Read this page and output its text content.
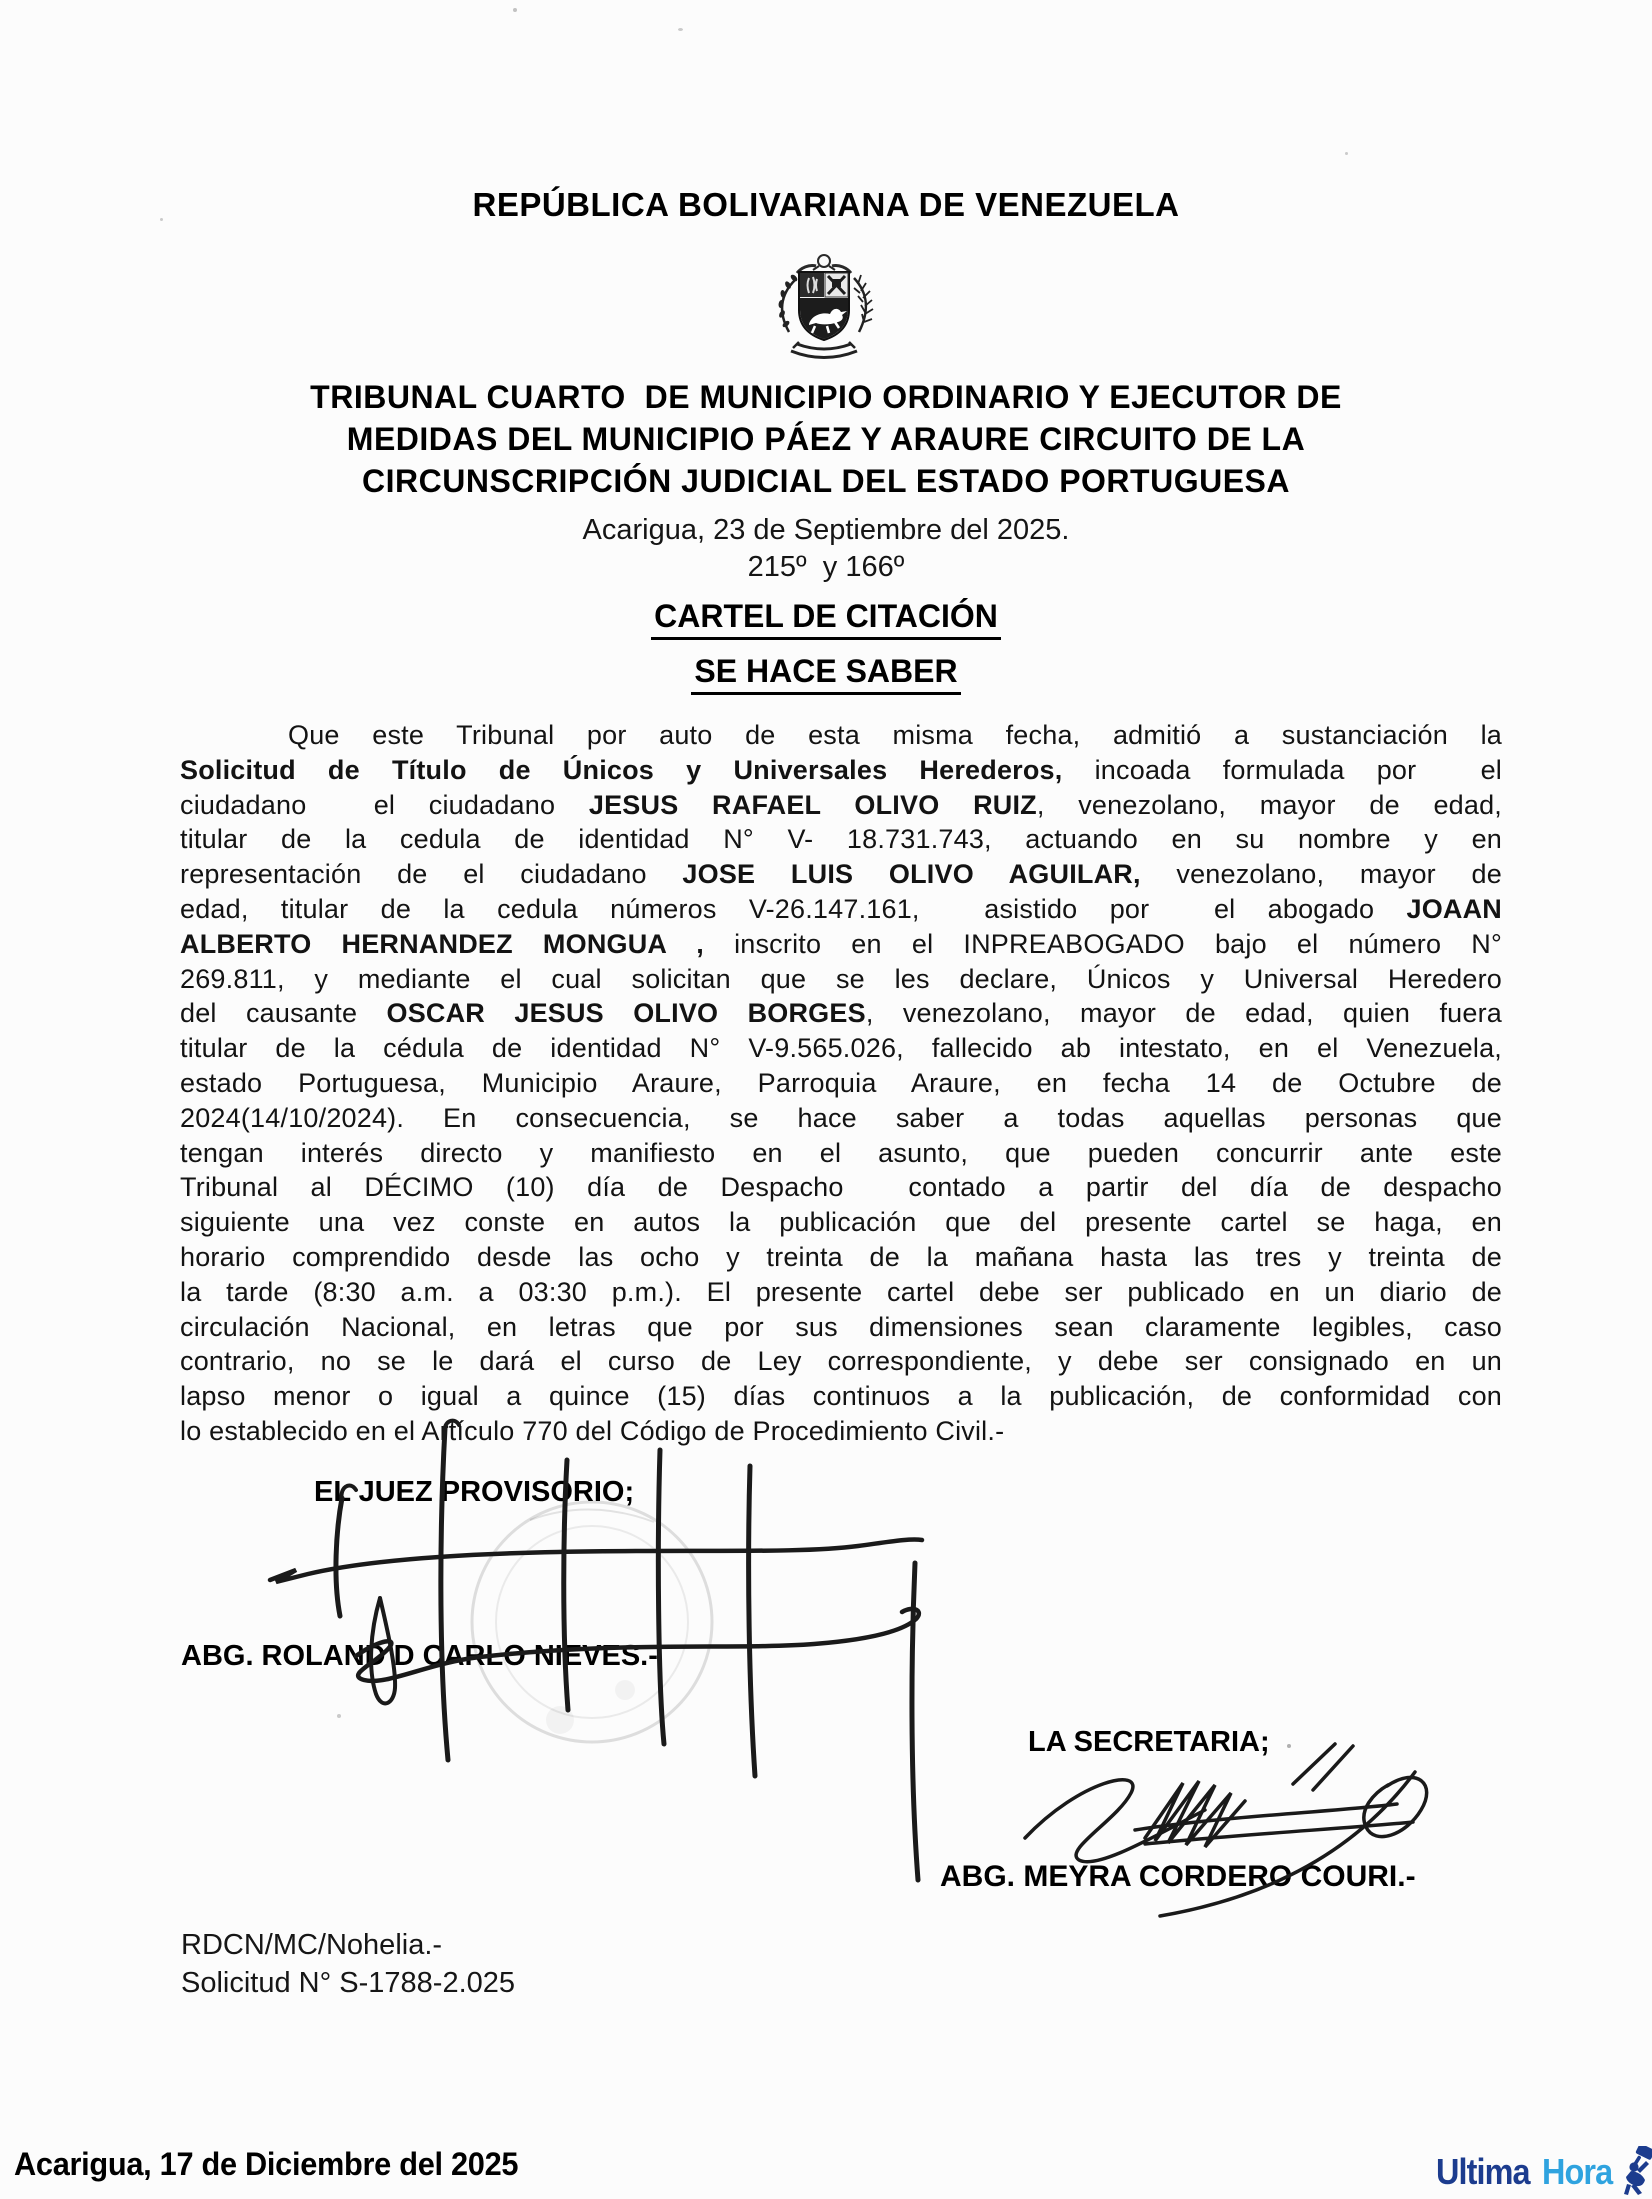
REPÚBLICA BOLIVARIANA DE VENEZUELA
TRIBUNAL CUARTO  DE MUNICIPIO ORDINARIO Y EJECUTOR DE
MEDIDAS DEL MUNICIPIO PÁEZ Y ARAURE CIRCUITO DE LA
CIRCUNSCRIPCIÓN JUDICIAL DEL ESTADO PORTUGUESA
Acarigua, 23 de Septiembre del 2025.
215º  y 166º
CARTEL DE CITACIÓN
SE HACE SABER
Que este Tribunal por auto de esta misma fecha, admitió a sustanciación la
Solicitud de Título de Únicos y Universales Herederos, incoada formulada por  el
ciudadano  el ciudadano JESUS RAFAEL OLIVO RUIZ, venezolano, mayor de edad,
titular de la cedula de identidad N° V- 18.731.743, actuando en su nombre y en
representación de el ciudadano JOSE LUIS OLIVO AGUILAR, venezolano, mayor de
edad, titular de la cedula números V-26.147.161,  asistido por  el abogado JOAAN
ALBERTO HERNANDEZ MONGUA , inscrito en el INPREABOGADO bajo el número N°
269.811, y mediante el cual solicitan que se les declare, Únicos y Universal Heredero
del causante OSCAR JESUS OLIVO BORGES, venezolano, mayor de edad, quien fuera
titular de la cédula de identidad N° V-9.565.026, fallecido ab intestato, en el Venezuela,
estado Portuguesa, Municipio Araure, Parroquia Araure, en fecha 14 de Octubre de
2024(14/10/2024). En consecuencia, se hace saber a todas aquellas personas que
tengan interés directo y manifiesto en el asunto, que pueden concurrir ante este
Tribunal al DÉCIMO (10) día de Despacho  contado a partir del día de despacho
siguiente una vez conste en autos la publicación que del presente cartel se haga, en
horario comprendido desde las ocho y treinta de la mañana hasta las tres y treinta de
la tarde (8:30 a.m. a 03:30 p.m.). El presente cartel debe ser publicado en un diario de
circulación Nacional, en letras que por sus dimensiones sean claramente legibles, caso
contrario, no se le dará el curso de Ley correspondiente, y debe ser consignado en un
lapso menor o igual a quince (15) días continuos a la publicación, de conformidad con
lo establecido en el Artículo 770 del Código de Procedimiento Civil.-
EL JUEZ PROVISORIO;
ABG. ROLAND D CARLO NIEVES.-
LA SECRETARIA;
ABG. MEYRA CORDERO COURI.-
RDCN/MC/Nohelia.-
Solicitud N° S-1788-2.025
Acarigua, 17 de Diciembre del 2025	Ultima Hora
